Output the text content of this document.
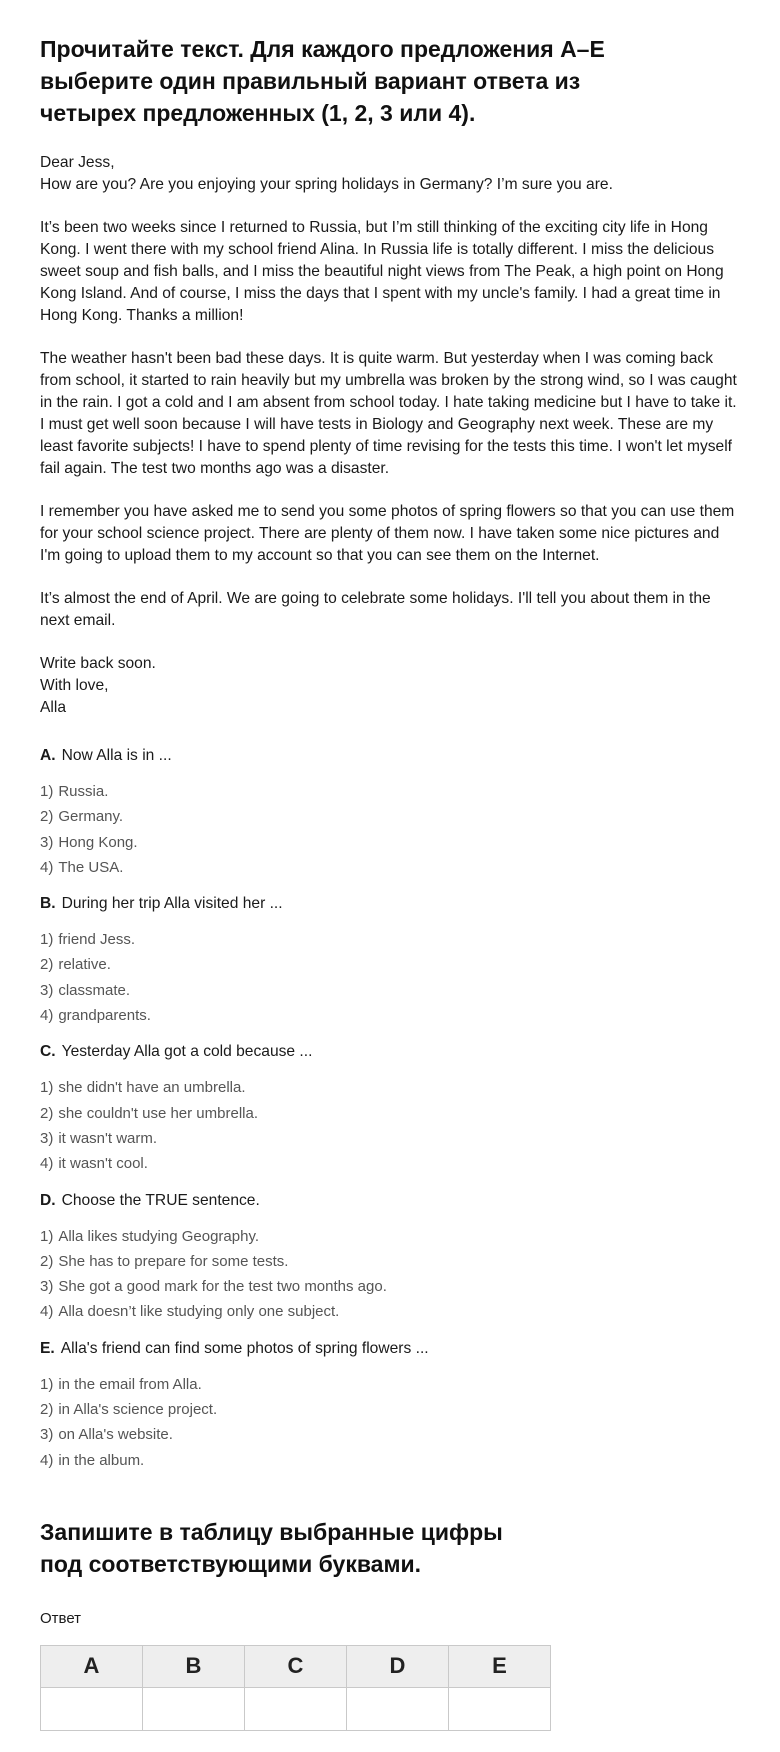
Прочитайте текст. Для каждого предложения A–E выберите один правильный вариант ответа из четырех предложенных (1, 2, 3 или 4).

Dear Jess,

How are you? Are you enjoying your spring holidays in Germany? I’m sure you are.

It’s been two weeks since I returned to Russia, but I’m still thinking of the exciting city life in Hong Kong. I went there with my school friend Alina. In Russia life is totally different. I miss the delicious sweet soup and fish balls, and I miss the beautiful night views from The Peak, a high point on Hong Kong Island. And of course, I miss the days that I spent with my uncle's family. I had a great time in Hong Kong. Thanks a million!

The weather hasn't been bad these days. It is quite warm. But yesterday when I was coming back from school, it started to rain heavily but my umbrella was broken by the strong wind, so I was caught in the rain. I got a cold and I am absent from school today. I hate taking medicine but I have to take it. I must get well soon because I will have tests in Biology and Geography next week. These are my least favorite subjects! I have to spend plenty of time revising for the tests this time. I won't let myself fail again. The test two months ago was a disaster.

I remember you have asked me to send you some photos of spring flowers so that you can use them for your school science project. There are plenty of them now. I have taken some nice pictures and I'm going to upload them to my account so that you can see them on the Internet.

It’s almost the end of April. We are going to celebrate some holidays. I'll tell you about them in the next email.

Write back soon.

With love,

Alla

A. Now Alla is in ...

1) Russia.
2) Germany.
3) Hong Kong.
4) The USA.

B. During her trip Alla visited her ...

1) friend Jess.
2) relative.
3) classmate.
4) grandparents.

C. Yesterday Alla got a cold because ...

1) she didn't have an umbrella.
2) she couldn't use her umbrella.
3) it wasn't warm.
4) it wasn't cool.

D. Choose the TRUE sentence.

1) Alla likes studying Geography.
2) She has to prepare for some tests.
3) She got a good mark for the test two months ago.
4) Alla doesn’t like studying only one subject.

E. Alla's friend can find some photos of spring flowers ...

1) in the email from Alla.
2) in Alla's science project.
3) on Alla's website.
4) in the album.
Запишите в таблицу выбранные цифры под соответствующими буквами.

Ответ

A	B	C	D	E
